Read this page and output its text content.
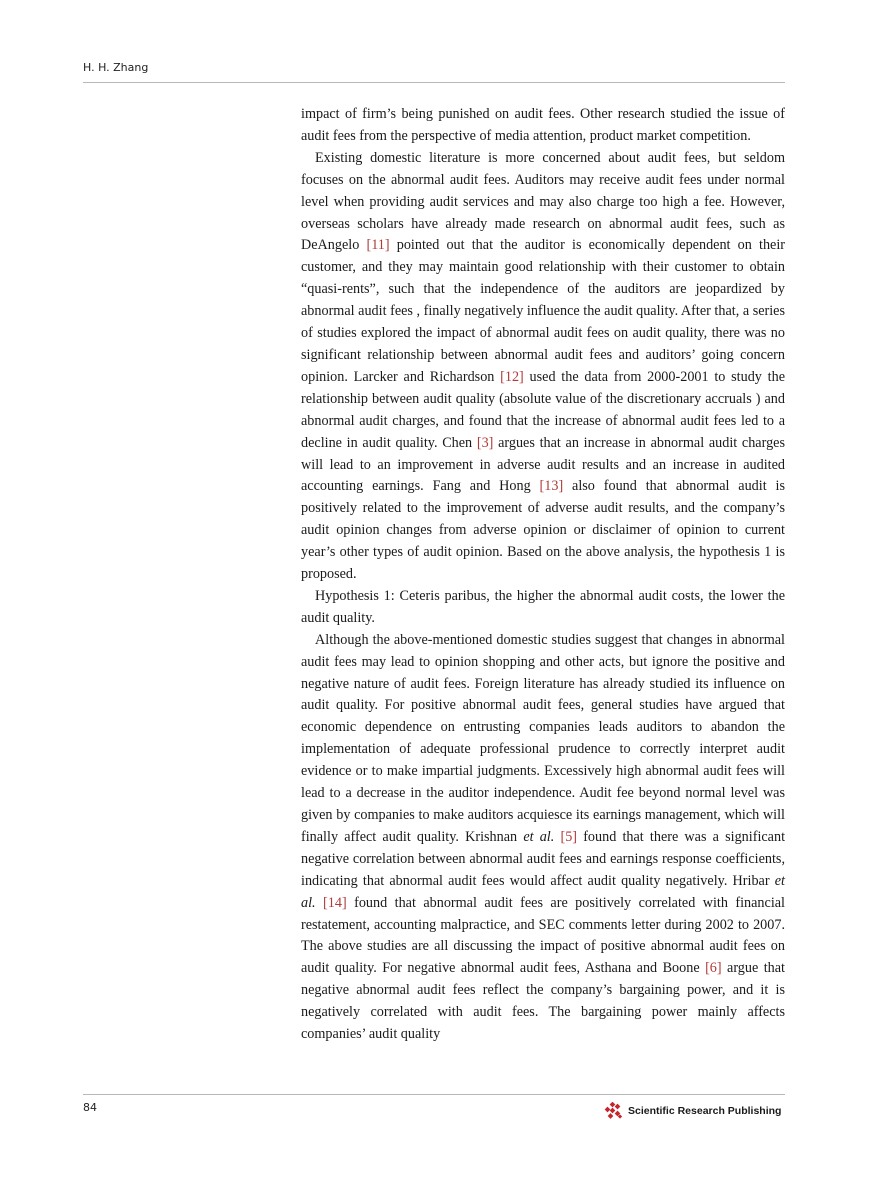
H. H. Zhang

impact of firm’s being punished on audit fees. Other research studied the issue of audit fees from the perspective of media attention, product market competition.

Existing domestic literature is more concerned about audit fees, but seldom focuses on the abnormal audit fees. Auditors may receive audit fees under normal level when providing audit services and may also charge too high a fee. However, overseas scholars have already made research on abnormal audit fees, such as DeAngelo [11] pointed out that the auditor is economically dependent on their customer, and they may maintain good relationship with their customer to obtain “quasi-rents”, such that the independence of the auditors are jeopardized by abnormal audit fees , finally negatively influence the audit quality. After that, a series of studies explored the impact of abnormal audit fees on audit quality, there was no significant relationship between abnormal audit fees and auditors’ going concern opinion. Larcker and Richardson [12] used the data from 2000-2001 to study the relationship between audit quality (absolute value of the discretionary accruals ) and abnormal audit charges, and found that the increase of abnormal audit fees led to a decline in audit quality. Chen [3] argues that an increase in abnormal audit charges will lead to an improvement in adverse audit results and an increase in audited accounting earnings. Fang and Hong [13] also found that abnormal audit is positively related to the improvement of adverse audit results, and the company’s audit opinion changes from adverse opinion or disclaimer of opinion to current year’s other types of audit opinion. Based on the above analysis, the hypothesis 1 is proposed.

Hypothesis 1: Ceteris paribus, the higher the abnormal audit costs, the lower the audit quality.

Although the above-mentioned domestic studies suggest that changes in abnormal audit fees may lead to opinion shopping and other acts, but ignore the positive and negative nature of audit fees. Foreign literature has already studied its influence on audit quality. For positive abnormal audit fees, general studies have argued that economic dependence on entrusting companies leads auditors to abandon the implementation of adequate professional prudence to correctly interpret audit evidence or to make impartial judgments. Excessively high abnormal audit fees will lead to a decrease in the auditor independence. Audit fee beyond normal level was given by companies to make auditors acquiesce its earnings management, which will finally affect audit quality. Krishnan et al. [5] found that there was a significant negative correlation between abnormal audit fees and earnings response coefficients, indicating that abnormal audit fees would affect audit quality negatively. Hribar et al. [14] found that abnormal audit fees are positively correlated with financial restatement, accounting malpractice, and SEC comments letter during 2002 to 2007. The above studies are all discussing the impact of positive abnormal audit fees on audit quality. For negative abnormal audit fees, Asthana and Boone [6] argue that negative abnormal audit fees reflect the company’s bargaining power, and it is negatively correlated with audit fees. The bargaining power mainly affects companies’ audit quality

84	Scientific Research Publishing
